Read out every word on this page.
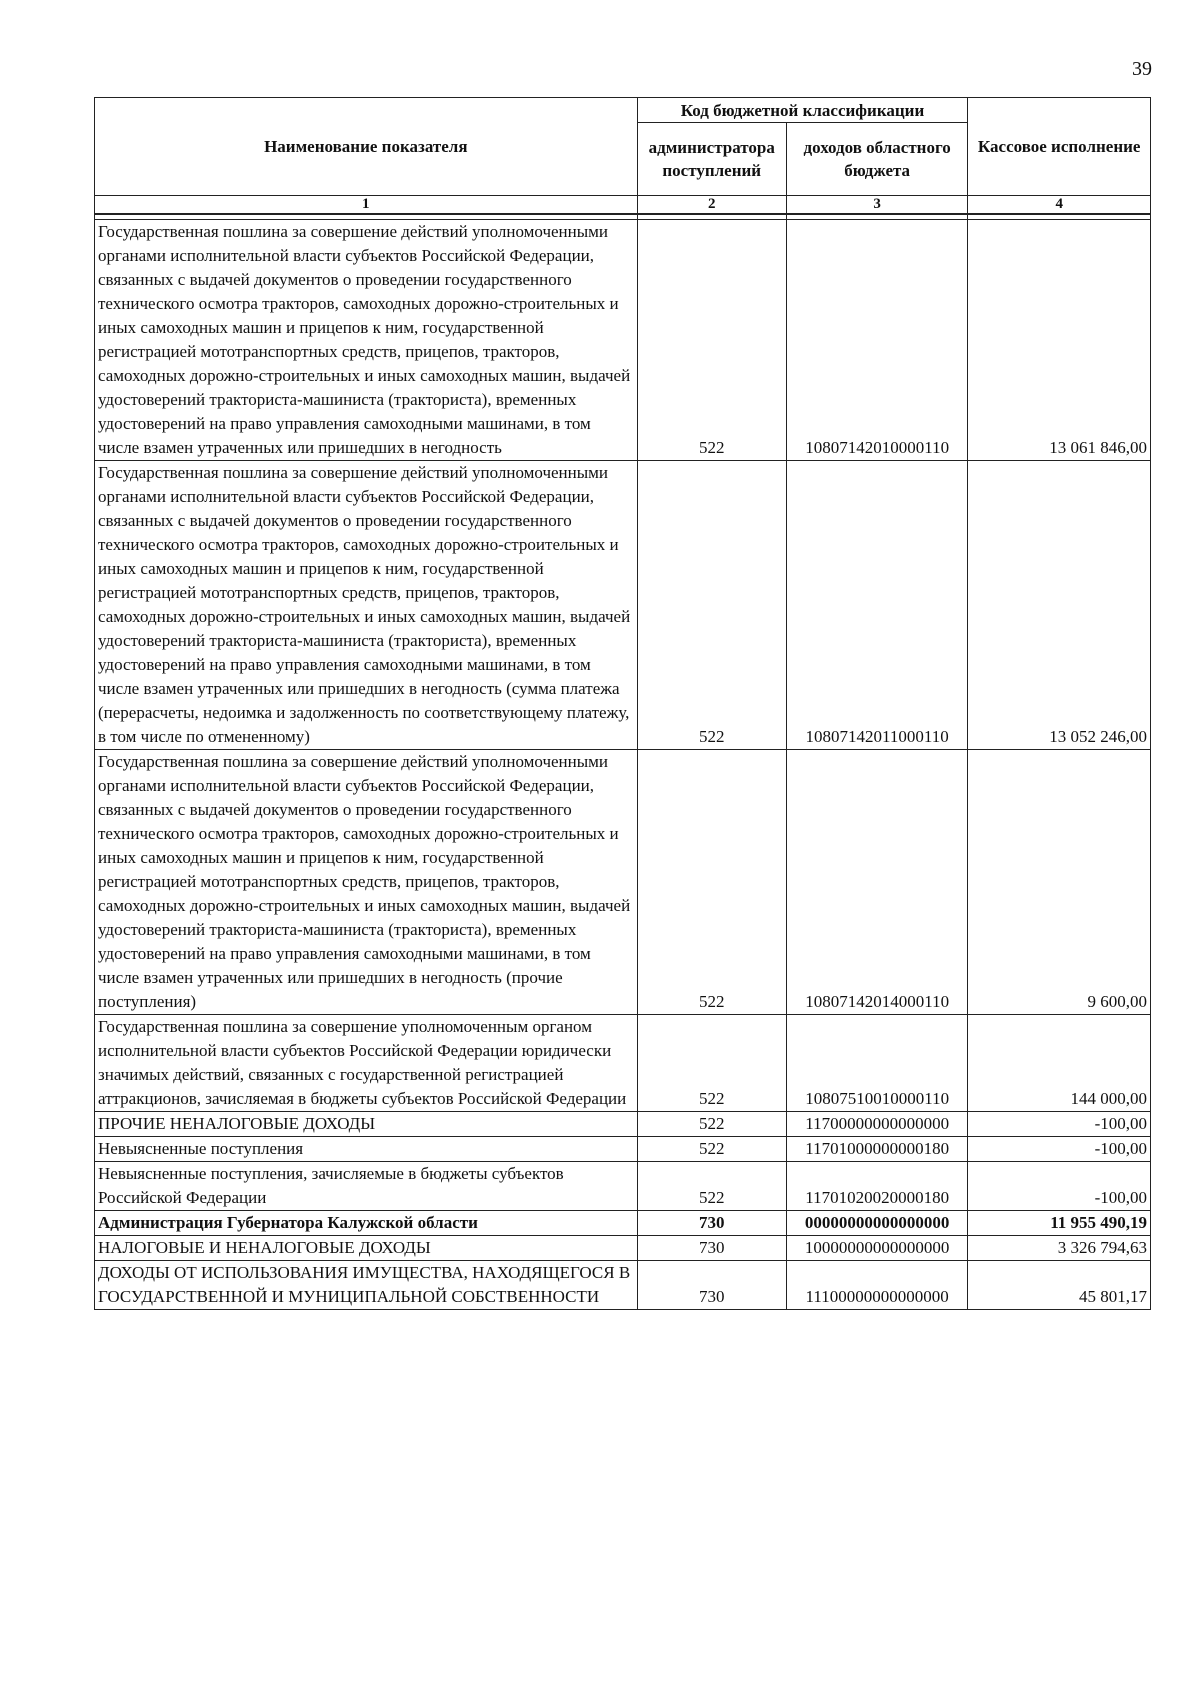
39
Наименование показателя	Код бюджетной классификации		Кассовое исполнение
	администратора поступлений	доходов областного бюджета	
1	2	3	4

Государственная пошлина за совершение действий уполномоченными органами исполнительной власти субъектов Российской Федерации, связанных с выдачей документов о проведении государственного технического осмотра тракторов, самоходных дорожно-строительных и иных самоходных машин и прицепов к ним, государственной регистрацией мототранспортных средств, прицепов, тракторов, самоходных дорожно-строительных и иных самоходных машин, выдачей удостоверений тракториста-машиниста (тракториста), временных удостоверений на право управления самоходными машинами, в том числе взамен утраченных или пришедших в негодность	522	10807142010000110	13 061 846,00
Государственная пошлина за совершение действий уполномоченными органами исполнительной власти субъектов Российской Федерации, связанных с выдачей документов о проведении государственного технического осмотра тракторов, самоходных дорожно-строительных и иных самоходных машин и прицепов к ним, государственной регистрацией мототранспортных средств, прицепов, тракторов, самоходных дорожно-строительных и иных самоходных машин, выдачей удостоверений тракториста-машиниста (тракториста), временных удостоверений на право управления самоходными машинами, в том числе взамен утраченных или пришедших в негодность (сумма платежа (перерасчеты, недоимка и задолженность по соответствующему платежу, в том числе по отмененному)	522	10807142011000110	13 052 246,00
Государственная пошлина за совершение действий уполномоченными органами исполнительной власти субъектов Российской Федерации, связанных с выдачей документов о проведении государственного технического осмотра тракторов, самоходных дорожно-строительных и иных самоходных машин и прицепов к ним, государственной регистрацией мототранспортных средств, прицепов, тракторов, самоходных дорожно-строительных и иных самоходных машин, выдачей удостоверений тракториста-машиниста (тракториста), временных удостоверений на право управления самоходными машинами, в том числе взамен утраченных или пришедших в негодность (прочие поступления)	522	10807142014000110	9 600,00
Государственная пошлина за совершение уполномоченным органом исполнительной власти субъектов Российской Федерации юридически значимых действий, связанных с государственной регистрацией аттракционов, зачисляемая в бюджеты субъектов Российской Федерации	522	10807510010000110	144 000,00
ПРОЧИЕ НЕНАЛОГОВЫЕ ДОХОДЫ	522	11700000000000000	-100,00
Невыясненные поступления	522	11701000000000180	-100,00
Невыясненные поступления, зачисляемые в бюджеты субъектов Российской Федерации	522	11701020020000180	-100,00
Администрация Губернатора Калужской области	730	00000000000000000	11 955 490,19
НАЛОГОВЫЕ И НЕНАЛОГОВЫЕ ДОХОДЫ	730	10000000000000000	3 326 794,63
ДОХОДЫ ОТ ИСПОЛЬЗОВАНИЯ ИМУЩЕСТВА, НАХОДЯЩЕГОСЯ В ГОСУДАРСТВЕННОЙ И МУНИЦИПАЛЬНОЙ СОБСТВЕННОСТИ	730	11100000000000000	45 801,17
